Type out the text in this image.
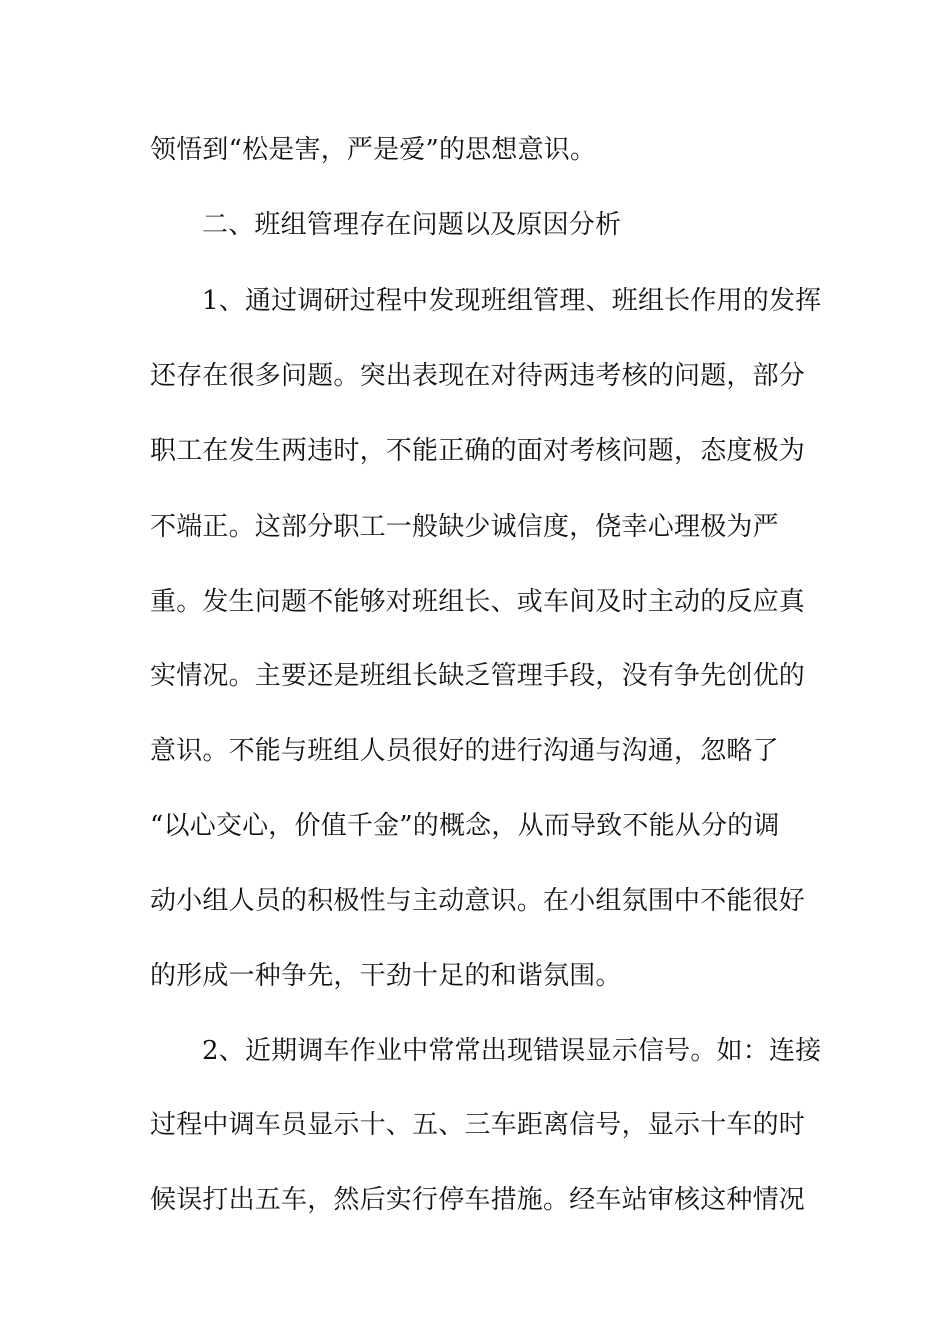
领悟到“松是害，严是爱”的思想意识。
二、班组管理存在问题以及原因分析
1、通过调研过程中发现班组管理、班组长作用的发挥
还存在很多问题。突出表现在对待两违考核的问题，部分
职工在发生两违时，不能正确的面对考核问题，态度极为
不端正。这部分职工一般缺少诚信度，侥幸心理极为严
重。发生问题不能够对班组长、或车间及时主动的反应真
实情况。主要还是班组长缺乏管理手段，没有争先创优的
意识。不能与班组人员很好的进行沟通与沟通，忽略了
“以心交心，价值千金”的概念，从而导致不能从分的调
动小组人员的积极性与主动意识。在小组氛围中不能很好
的形成一种争先，干劲十足的和谐氛围。
2、近期调车作业中常常出现错误显示信号。如：连接
过程中调车员显示十、五、三车距离信号，显示十车的时
候误打出五车，然后实行停车措施。经车站审核这种情况
